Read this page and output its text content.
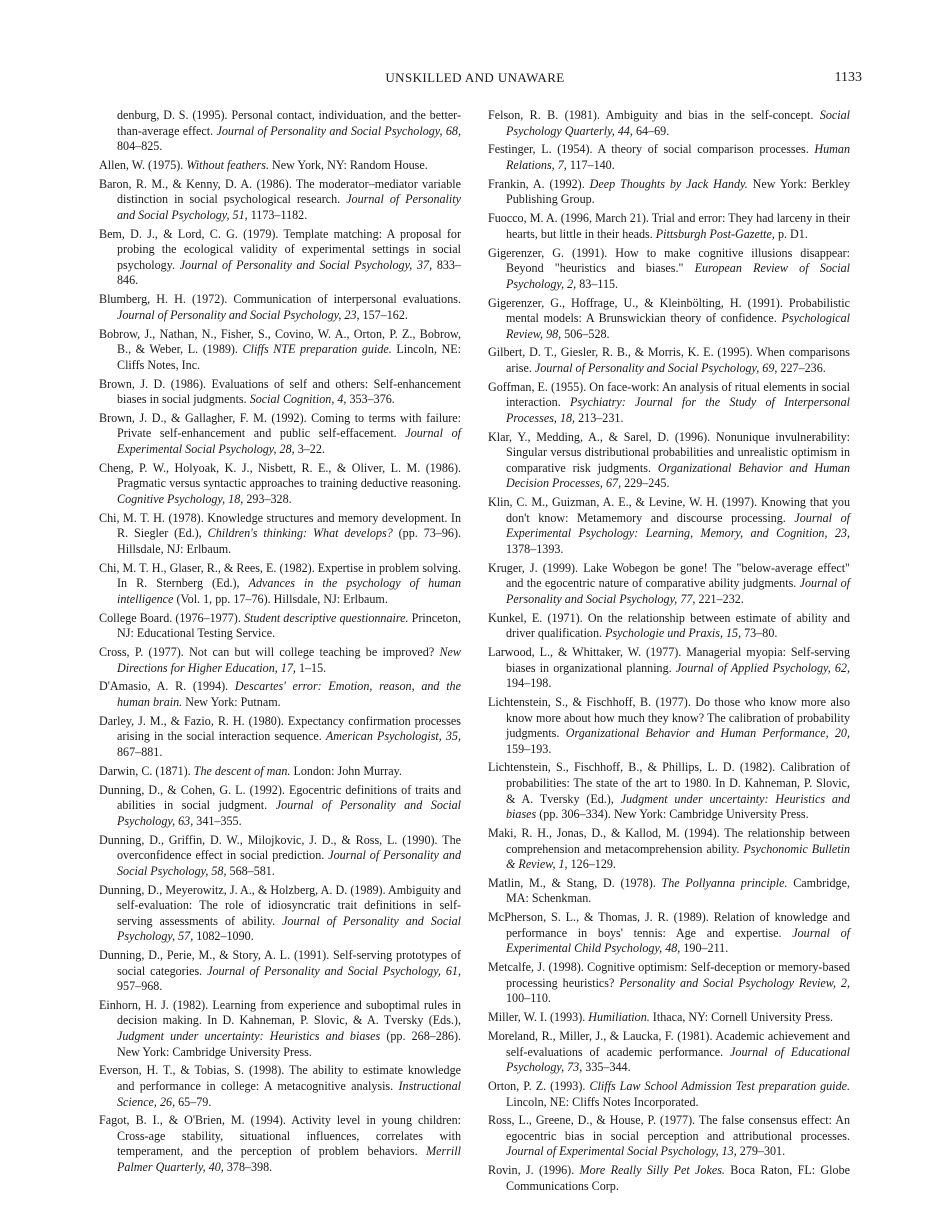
UNSKILLED AND UNAWARE	1133

denburg, D. S. (1995). Personal contact, individuation, and the better-than-average effect. Journal of Personality and Social Psychology, 68, 804–825.

Allen, W. (1975). Without feathers. New York, NY: Random House.

Baron, R. M., & Kenny, D. A. (1986). The moderator–mediator variable distinction in social psychological research. Journal of Personality and Social Psychology, 51, 1173–1182.

Bem, D. J., & Lord, C. G. (1979). Template matching: A proposal for probing the ecological validity of experimental settings in social psychology. Journal of Personality and Social Psychology, 37, 833–846.

Blumberg, H. H. (1972). Communication of interpersonal evaluations. Journal of Personality and Social Psychology, 23, 157–162.

Bobrow, J., Nathan, N., Fisher, S., Covino, W. A., Orton, P. Z., Bobrow, B., & Weber, L. (1989). Cliffs NTE preparation guide. Lincoln, NE: Cliffs Notes, Inc.

Brown, J. D. (1986). Evaluations of self and others: Self-enhancement biases in social judgments. Social Cognition, 4, 353–376.

Brown, J. D., & Gallagher, F. M. (1992). Coming to terms with failure: Private self-enhancement and public self-effacement. Journal of Experimental Social Psychology, 28, 3–22.

Cheng, P. W., Holyoak, K. J., Nisbett, R. E., & Oliver, L. M. (1986). Pragmatic versus syntactic approaches to training deductive reasoning. Cognitive Psychology, 18, 293–328.

Chi, M. T. H. (1978). Knowledge structures and memory development. In R. Siegler (Ed.), Children's thinking: What develops? (pp. 73–96). Hillsdale, NJ: Erlbaum.

Chi, M. T. H., Glaser, R., & Rees, E. (1982). Expertise in problem solving. In R. Sternberg (Ed.), Advances in the psychology of human intelligence (Vol. 1, pp. 17–76). Hillsdale, NJ: Erlbaum.

College Board. (1976–1977). Student descriptive questionnaire. Princeton, NJ: Educational Testing Service.

Cross, P. (1977). Not can but will college teaching be improved? New Directions for Higher Education, 17, 1–15.

D'Amasio, A. R. (1994). Descartes' error: Emotion, reason, and the human brain. New York: Putnam.

Darley, J. M., & Fazio, R. H. (1980). Expectancy confirmation processes arising in the social interaction sequence. American Psychologist, 35, 867–881.

Darwin, C. (1871). The descent of man. London: John Murray.

Dunning, D., & Cohen, G. L. (1992). Egocentric definitions of traits and abilities in social judgment. Journal of Personality and Social Psychology, 63, 341–355.

Dunning, D., Griffin, D. W., Milojkovic, J. D., & Ross, L. (1990). The overconfidence effect in social prediction. Journal of Personality and Social Psychology, 58, 568–581.

Dunning, D., Meyerowitz, J. A., & Holzberg, A. D. (1989). Ambiguity and self-evaluation: The role of idiosyncratic trait definitions in self-serving assessments of ability. Journal of Personality and Social Psychology, 57, 1082–1090.

Dunning, D., Perie, M., & Story, A. L. (1991). Self-serving prototypes of social categories. Journal of Personality and Social Psychology, 61, 957–968.

Einhorn, H. J. (1982). Learning from experience and suboptimal rules in decision making. In D. Kahneman, P. Slovic, & A. Tversky (Eds.), Judgment under uncertainty: Heuristics and biases (pp. 268–286). New York: Cambridge University Press.

Everson, H. T., & Tobias, S. (1998). The ability to estimate knowledge and performance in college: A metacognitive analysis. Instructional Science, 26, 65–79.

Fagot, B. I., & O'Brien, M. (1994). Activity level in young children: Cross-age stability, situational influences, correlates with temperament, and the perception of problem behaviors. Merrill Palmer Quarterly, 40, 378–398.

Felson, R. B. (1981). Ambiguity and bias in the self-concept. Social Psychology Quarterly, 44, 64–69.

Festinger, L. (1954). A theory of social comparison processes. Human Relations, 7, 117–140.

Frankin, A. (1992). Deep Thoughts by Jack Handy. New York: Berkley Publishing Group.

Fuocco, M. A. (1996, March 21). Trial and error: They had larceny in their hearts, but little in their heads. Pittsburgh Post-Gazette, p. D1.

Gigerenzer, G. (1991). How to make cognitive illusions disappear: Beyond "heuristics and biases." European Review of Social Psychology, 2, 83–115.

Gigerenzer, G., Hoffrage, U., & Kleinbölting, H. (1991). Probabilistic mental models: A Brunswickian theory of confidence. Psychological Review, 98, 506–528.

Gilbert, D. T., Giesler, R. B., & Morris, K. E. (1995). When comparisons arise. Journal of Personality and Social Psychology, 69, 227–236.

Goffman, E. (1955). On face-work: An analysis of ritual elements in social interaction. Psychiatry: Journal for the Study of Interpersonal Processes, 18, 213–231.

Klar, Y., Medding, A., & Sarel, D. (1996). Nonunique invulnerability: Singular versus distributional probabilities and unrealistic optimism in comparative risk judgments. Organizational Behavior and Human Decision Processes, 67, 229–245.

Klin, C. M., Guizman, A. E., & Levine, W. H. (1997). Knowing that you don't know: Metamemory and discourse processing. Journal of Experimental Psychology: Learning, Memory, and Cognition, 23, 1378–1393.

Kruger, J. (1999). Lake Wobegon be gone! The "below-average effect" and the egocentric nature of comparative ability judgments. Journal of Personality and Social Psychology, 77, 221–232.

Kunkel, E. (1971). On the relationship between estimate of ability and driver qualification. Psychologie und Praxis, 15, 73–80.

Larwood, L., & Whittaker, W. (1977). Managerial myopia: Self-serving biases in organizational planning. Journal of Applied Psychology, 62, 194–198.

Lichtenstein, S., & Fischhoff, B. (1977). Do those who know more also know more about how much they know? The calibration of probability judgments. Organizational Behavior and Human Performance, 20, 159–193.

Lichtenstein, S., Fischhoff, B., & Phillips, L. D. (1982). Calibration of probabilities: The state of the art to 1980. In D. Kahneman, P. Slovic, & A. Tversky (Ed.), Judgment under uncertainty: Heuristics and biases (pp. 306–334). New York: Cambridge University Press.

Maki, R. H., Jonas, D., & Kallod, M. (1994). The relationship between comprehension and metacomprehension ability. Psychonomic Bulletin & Review, 1, 126–129.

Matlin, M., & Stang, D. (1978). The Pollyanna principle. Cambridge, MA: Schenkman.

McPherson, S. L., & Thomas, J. R. (1989). Relation of knowledge and performance in boys' tennis: Age and expertise. Journal of Experimental Child Psychology, 48, 190–211.

Metcalfe, J. (1998). Cognitive optimism: Self-deception or memory-based processing heuristics? Personality and Social Psychology Review, 2, 100–110.

Miller, W. I. (1993). Humiliation. Ithaca, NY: Cornell University Press.

Moreland, R., Miller, J., & Laucka, F. (1981). Academic achievement and self-evaluations of academic performance. Journal of Educational Psychology, 73, 335–344.

Orton, P. Z. (1993). Cliffs Law School Admission Test preparation guide. Lincoln, NE: Cliffs Notes Incorporated.

Ross, L., Greene, D., & House, P. (1977). The false consensus effect: An egocentric bias in social perception and attributional processes. Journal of Experimental Social Psychology, 13, 279–301.

Rovin, J. (1996). More Really Silly Pet Jokes. Boca Raton, FL: Globe Communications Corp.
